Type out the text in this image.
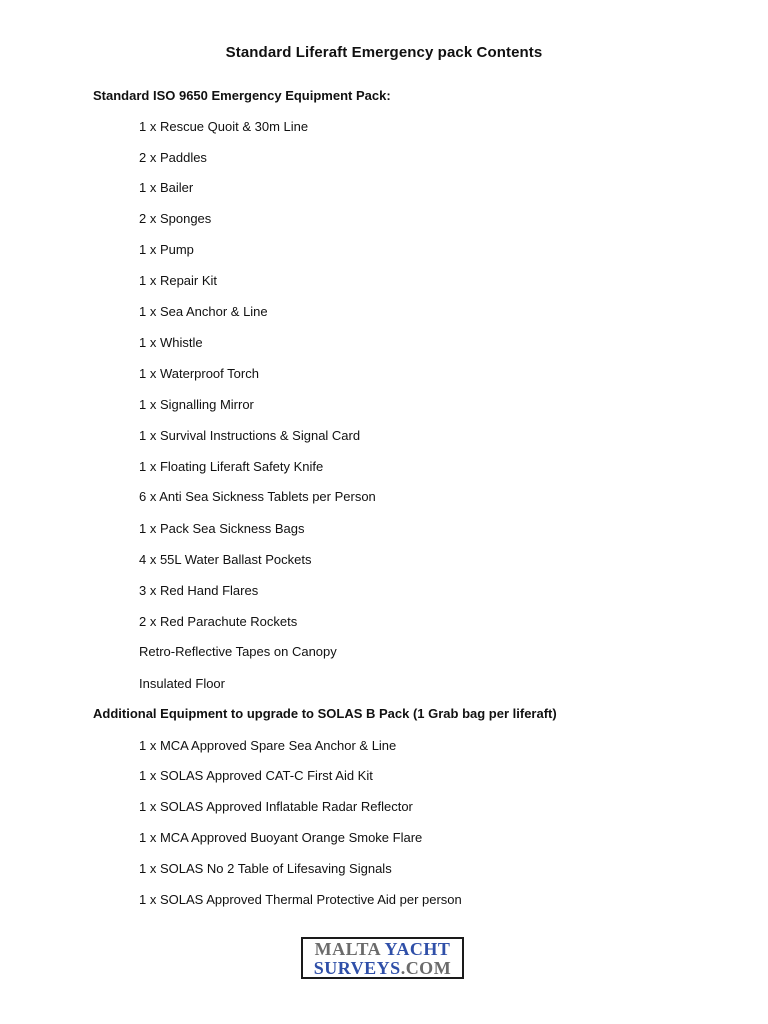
Standard Liferaft Emergency pack Contents
Standard ISO 9650 Emergency Equipment Pack:
1 x Rescue Quoit & 30m Line
2 x Paddles
1 x Bailer
2 x Sponges
1 x Pump
1 x Repair Kit
1 x Sea Anchor & Line
1 x Whistle
1 x Waterproof Torch
1 x Signalling Mirror
1 x Survival Instructions & Signal Card
1 x Floating Liferaft Safety Knife
6 x Anti Sea Sickness Tablets per Person
1 x Pack Sea Sickness Bags
4 x 55L Water Ballast Pockets
3 x Red Hand Flares
2 x Red Parachute Rockets
Retro-Reflective Tapes on Canopy
Insulated Floor
Additional Equipment to upgrade to SOLAS B Pack (1 Grab bag per liferaft)
1 x MCA Approved Spare Sea Anchor & Line
1 x SOLAS Approved CAT-C First Aid Kit
1 x SOLAS Approved Inflatable Radar Reflector
1 x MCA Approved Buoyant Orange Smoke Flare
1 x SOLAS No 2 Table of Lifesaving Signals
1 x SOLAS Approved Thermal Protective Aid per person
MALTA YACHT
SURVEYS.COM
